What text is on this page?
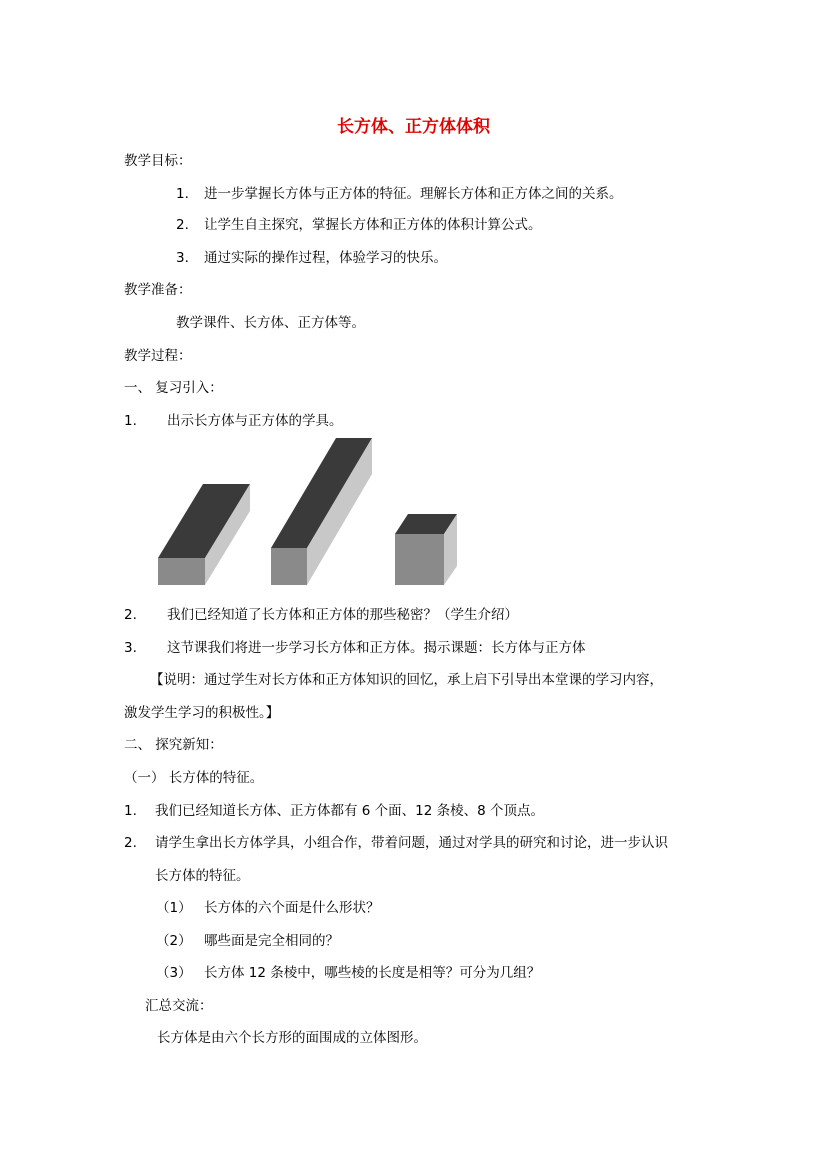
长方体、正方体体积
教学目标：
1. 进一步掌握长方体与正方体的特征。理解长方体和正方体之间的关系。
2. 让学生自主探究，掌握长方体和正方体的体积计算公式。
3. 通过实际的操作过程，体验学习的快乐。
教学准备：
教学课件、长方体、正方体等。
教学过程：
一、 复习引入：
1. 出示长方体与正方体的学具。
2. 我们已经知道了长方体和正方体的那些秘密？（学生介绍）
3. 这节课我们将进一步学习长方体和正方体。揭示课题：长方体与正方体
【说明：通过学生对长方体和正方体知识的回忆，承上启下引导出本堂课的学习内容，
激发学生学习的积极性。】
二、 探究新知：
（一） 长方体的特征。
1. 我们已经知道长方体、正方体都有 6 个面、12 条棱、8 个顶点。
2. 请学生拿出长方体学具，小组合作，带着问题，通过对学具的研究和讨论，进一步认识
长方体的特征。
（1） 长方体的六个面是什么形状？
（2） 哪些面是完全相同的？
（3） 长方体 12 条棱中，哪些棱的长度是相等？可分为几组？
汇总交流：
长方体是由六个长方形的面围成的立体图形。
